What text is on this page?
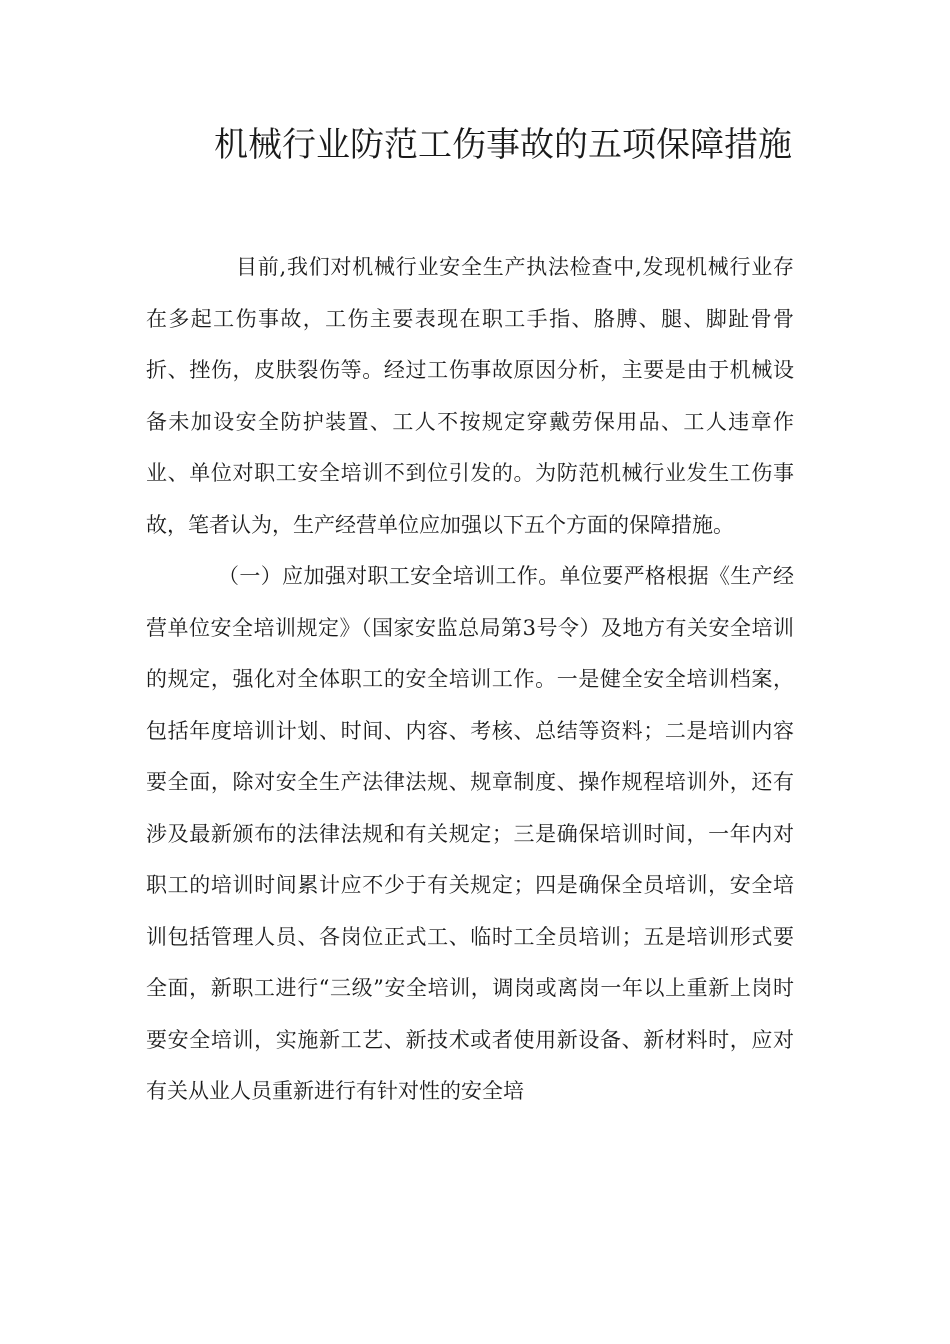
机械行业防范工伤事故的五项保障措施

目前,我们对机械行业安全生产执法检查中,发现机械行业存在多起工伤事故，工伤主要表现在职工手指、胳膊、腿、脚趾骨骨折、挫伤，皮肤裂伤等。经过工伤事故原因分析，主要是由于机械设备未加设安全防护装置、工人不按规定穿戴劳保用品、工人违章作业、单位对职工安全培训不到位引发的。为防范机械行业发生工伤事故，笔者认为，生产经营单位应加强以下五个方面的保障措施。

（一）应加强对职工安全培训工作。单位要严格根据《生产经营单位安全培训规定》（国家安监总局第3号令）及地方有关安全培训的规定，强化对全体职工的安全培训工作。一是健全安全培训档案，包括年度培训计划、时间、内容、考核、总结等资料；二是培训内容要全面，除对安全生产法律法规、规章制度、操作规程培训外，还有涉及最新颁布的法律法规和有关规定；三是确保培训时间，一年内对职工的培训时间累计应不少于有关规定；四是确保全员培训，安全培训包括管理人员、各岗位正式工、临时工全员培训；五是培训形式要全面，新职工进行“三级”安全培训，调岗或离岗一年以上重新上岗时要安全培训，实施新工艺、新技术或者使用新设备、新材料时，应对有关从业人员重新进行有针对性的安全培
